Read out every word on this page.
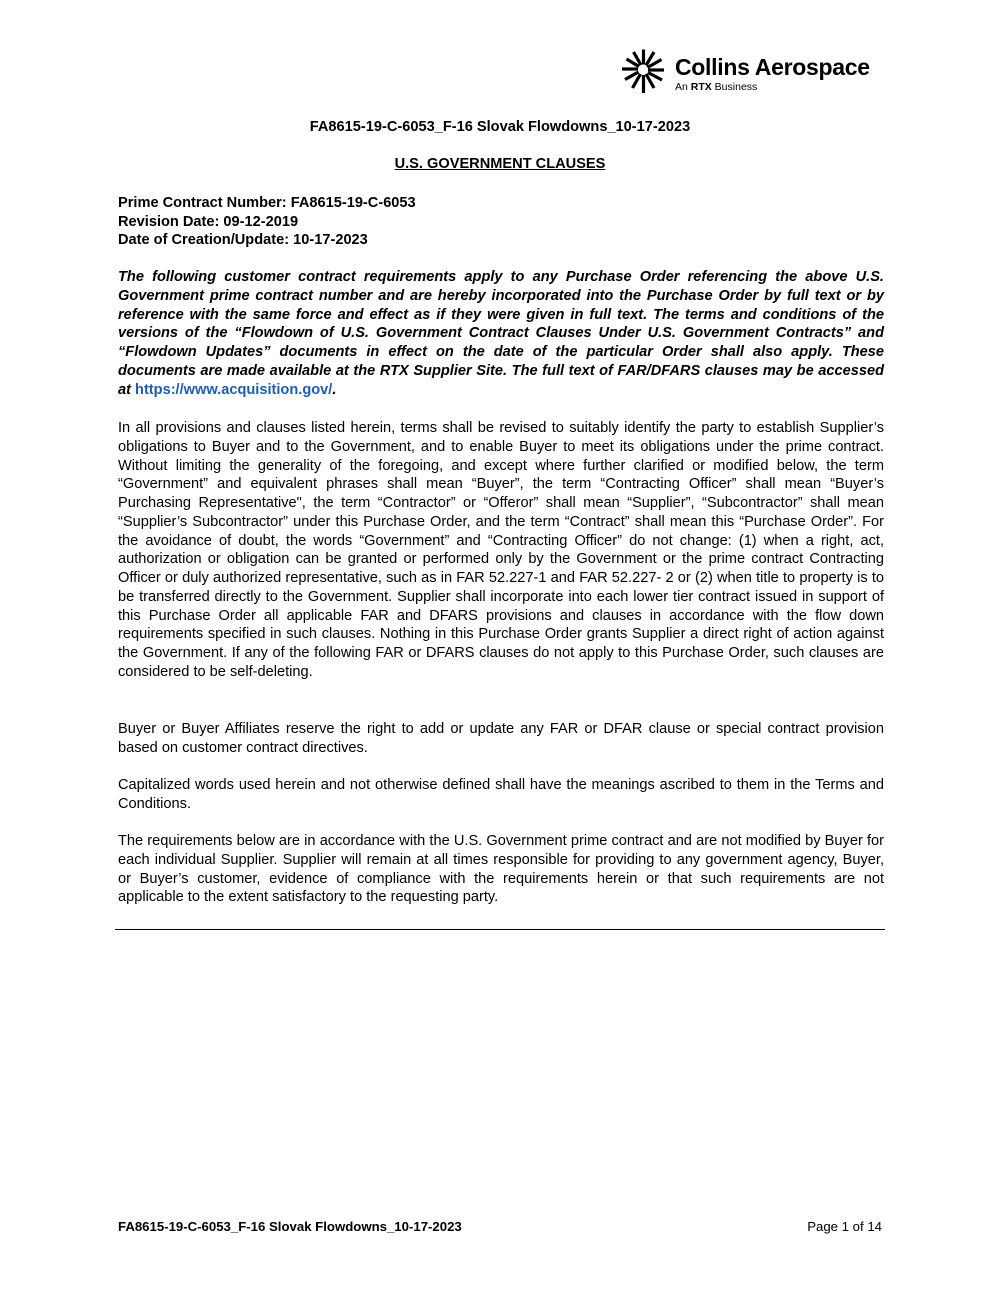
Collins Aerospace
An RTX Business
FA8615-19-C-6053_F-16 Slovak Flowdowns_10-17-2023
U.S. GOVERNMENT CLAUSES
Prime Contract Number: FA8615-19-C-6053
Revision Date: 09-12-2019
Date of Creation/Update: 10-17-2023
The following customer contract requirements apply to any Purchase Order referencing the above U.S. Government prime contract number and are hereby incorporated into the Purchase Order by full text or by reference with the same force and effect as if they were given in full text. The terms and conditions of the versions of the “Flowdown of U.S. Government Contract Clauses Under U.S. Government Contracts” and “Flowdown Updates” documents in effect on the date of the particular Order shall also apply. These documents are made available at the RTX Supplier Site. The full text of FAR/DFARS clauses may be accessed at https://www.acquisition.gov/.
In all provisions and clauses listed herein, terms shall be revised to suitably identify the party to establish Supplier’s obligations to Buyer and to the Government, and to enable Buyer to meet its obligations under the prime contract. Without limiting the generality of the foregoing, and except where further clarified or modified below, the term “Government” and equivalent phrases shall mean “Buyer”, the term “Contracting Officer” shall mean “Buyer’s Purchasing Representative", the term “Contractor” or “Offeror” shall mean “Supplier”, “Subcontractor” shall mean “Supplier’s Subcontractor” under this Purchase Order, and the term “Contract” shall mean this “Purchase Order”. For the avoidance of doubt, the words “Government” and “Contracting Officer” do not change: (1) when a right, act, authorization or obligation can be granted or performed only by the Government or the prime contract Contracting Officer or duly authorized representative, such as in FAR 52.227-1 and FAR 52.227- 2 or (2) when title to property is to be transferred directly to the Government. Supplier shall incorporate into each lower tier contract issued in support of this Purchase Order all applicable FAR and DFARS provisions and clauses in accordance with the flow down requirements specified in such clauses. Nothing in this Purchase Order grants Supplier a direct right of action against the Government. If any of the following FAR or DFARS clauses do not apply to this Purchase Order, such clauses are considered to be self-deleting.
Buyer or Buyer Affiliates reserve the right to add or update any FAR or DFAR clause or special contract provision based on customer contract directives.
Capitalized words used herein and not otherwise defined shall have the meanings ascribed to them in the Terms and Conditions.
The requirements below are in accordance with the U.S. Government prime contract and are not modified by Buyer for each individual Supplier. Supplier will remain at all times responsible for providing to any government agency, Buyer, or Buyer’s customer, evidence of compliance with the requirements herein or that such requirements are not applicable to the extent satisfactory to the requesting party.
FA8615-19-C-6053_F-16 Slovak Flowdowns_10-17-2023	Page 1 of 14
